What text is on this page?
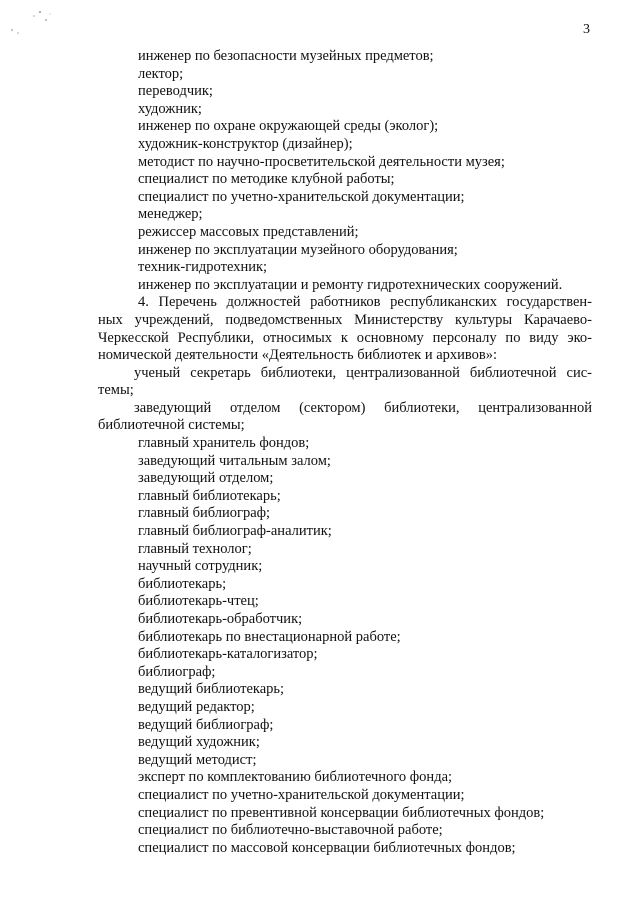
3
инженер по безопасности музейных предметов;
лектор;
переводчик;
художник;
инженер по охране окружающей среды (эколог);
художник-конструктор (дизайнер);
методист по научно-просветительской деятельности музея;
специалист по методике клубной работы;
специалист по учетно-хранительской документации;
менеджер;
режиссер массовых представлений;
инженер по эксплуатации музейного оборудования;
техник-гидротехник;
инженер по эксплуатации и ремонту гидротехнических сооружений.
4. Перечень должностей работников республиканских государствен-
ных учреждений, подведомственных Министерству культуры Карачаево-
Черкесской Республики, относимых к основному персоналу по виду эко-
номической деятельности «Деятельность библиотек и архивов»:
ученый секретарь библиотеки, централизованной библиотечной сис-
темы;
заведующий отделом (сектором) библиотеки, централизованной
библиотечной системы;
главный хранитель фондов;
заведующий читальным залом;
заведующий отделом;
главный библиотекарь;
главный библиограф;
главный библиограф-аналитик;
главный технолог;
научный сотрудник;
библиотекарь;
библиотекарь-чтец;
библиотекарь-обработчик;
библиотекарь по внестационарной работе;
библиотекарь-каталогизатор;
библиограф;
ведущий библиотекарь;
ведущий редактор;
ведущий библиограф;
ведущий художник;
ведущий методист;
эксперт по комплектованию библиотечного фонда;
специалист по учетно-хранительской документации;
специалист по превентивной консервации библиотечных фондов;
специалист по библиотечно-выставочной работе;
специалист по массовой консервации библиотечных фондов;
